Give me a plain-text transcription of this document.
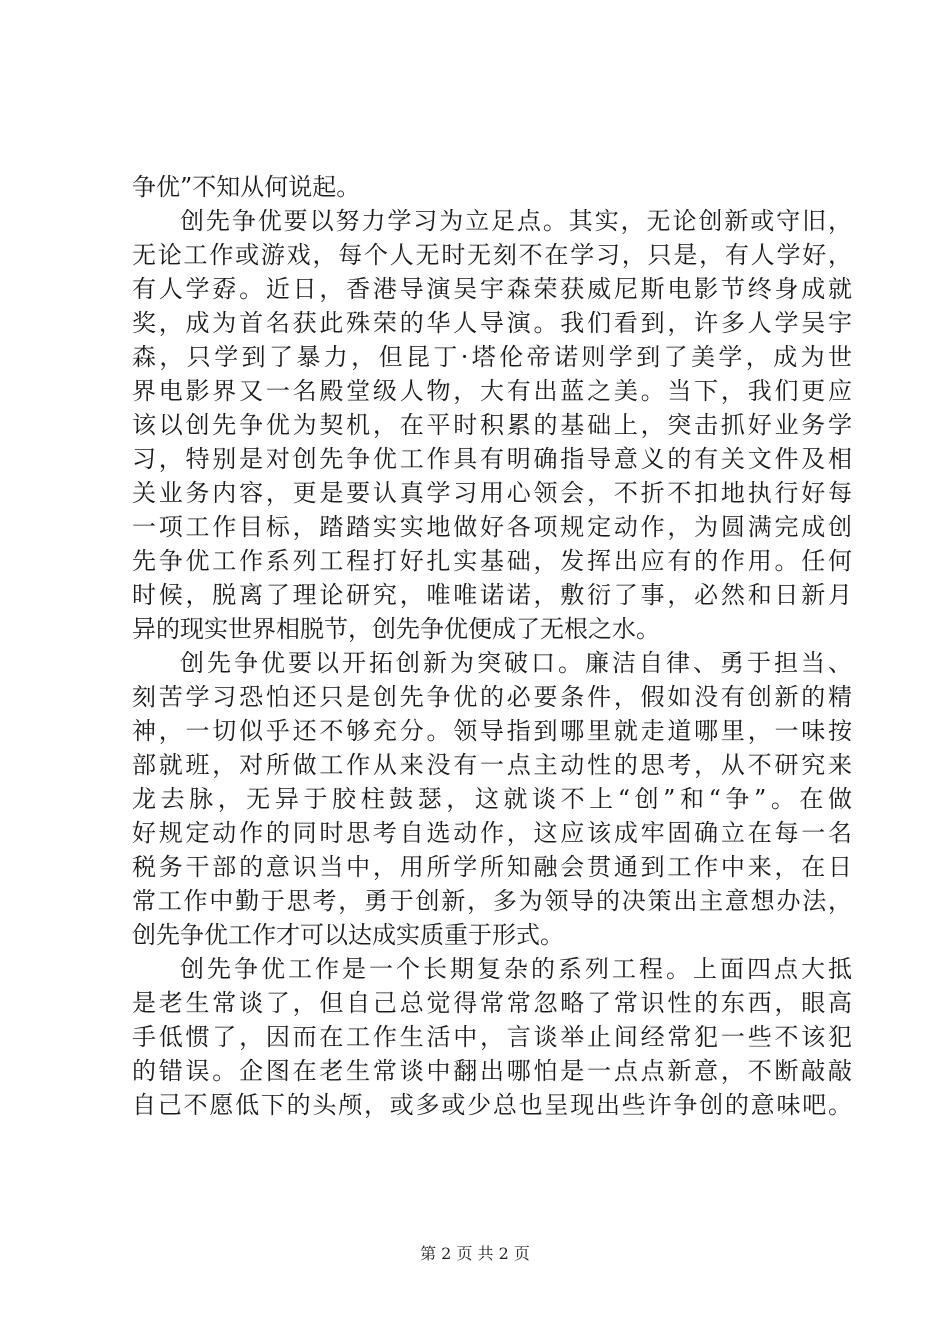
争优”不知从何说起。
创先争优要以努力学习为立足点。其实，无论创新或守旧，
无论工作或游戏，每个人无时无刻不在学习，只是，有人学好，
有人学孬。近日，香港导演吴宇森荣获威尼斯电影节终身成就
奖，成为首名获此殊荣的华人导演。我们看到，许多人学吴宇
森，只学到了暴力，但昆丁·塔伦帝诺则学到了美学，成为世
界电影界又一名殿堂级人物，大有出蓝之美。当下，我们更应
该以创先争优为契机，在平时积累的基础上，突击抓好业务学
习，特别是对创先争优工作具有明确指导意义的有关文件及相
关业务内容，更是要认真学习用心领会，不折不扣地执行好每
一项工作目标，踏踏实实地做好各项规定动作，为圆满完成创
先争优工作系列工程打好扎实基础，发挥出应有的作用。任何
时候，脱离了理论研究，唯唯诺诺，敷衍了事，必然和日新月
异的现实世界相脱节，创先争优便成了无根之水。
创先争优要以开拓创新为突破口。廉洁自律、勇于担当、
刻苦学习恐怕还只是创先争优的必要条件，假如没有创新的精
神，一切似乎还不够充分。领导指到哪里就走道哪里，一味按
部就班，对所做工作从来没有一点主动性的思考，从不研究来
龙去脉，无异于胶柱鼓瑟，这就谈不上“创”和“争”。在做
好规定动作的同时思考自选动作，这应该成牢固确立在每一名
税务干部的意识当中，用所学所知融会贯通到工作中来，在日
常工作中勤于思考，勇于创新，多为领导的决策出主意想办法，
创先争优工作才可以达成实质重于形式。
创先争优工作是一个长期复杂的系列工程。上面四点大抵
是老生常谈了，但自己总觉得常常忽略了常识性的东西，眼高
手低惯了，因而在工作生活中，言谈举止间经常犯一些不该犯
的错误。企图在老生常谈中翻出哪怕是一点点新意，不断敲敲
自己不愿低下的头颅，或多或少总也呈现出些许争创的意味吧。
第 2 页 共 2 页
